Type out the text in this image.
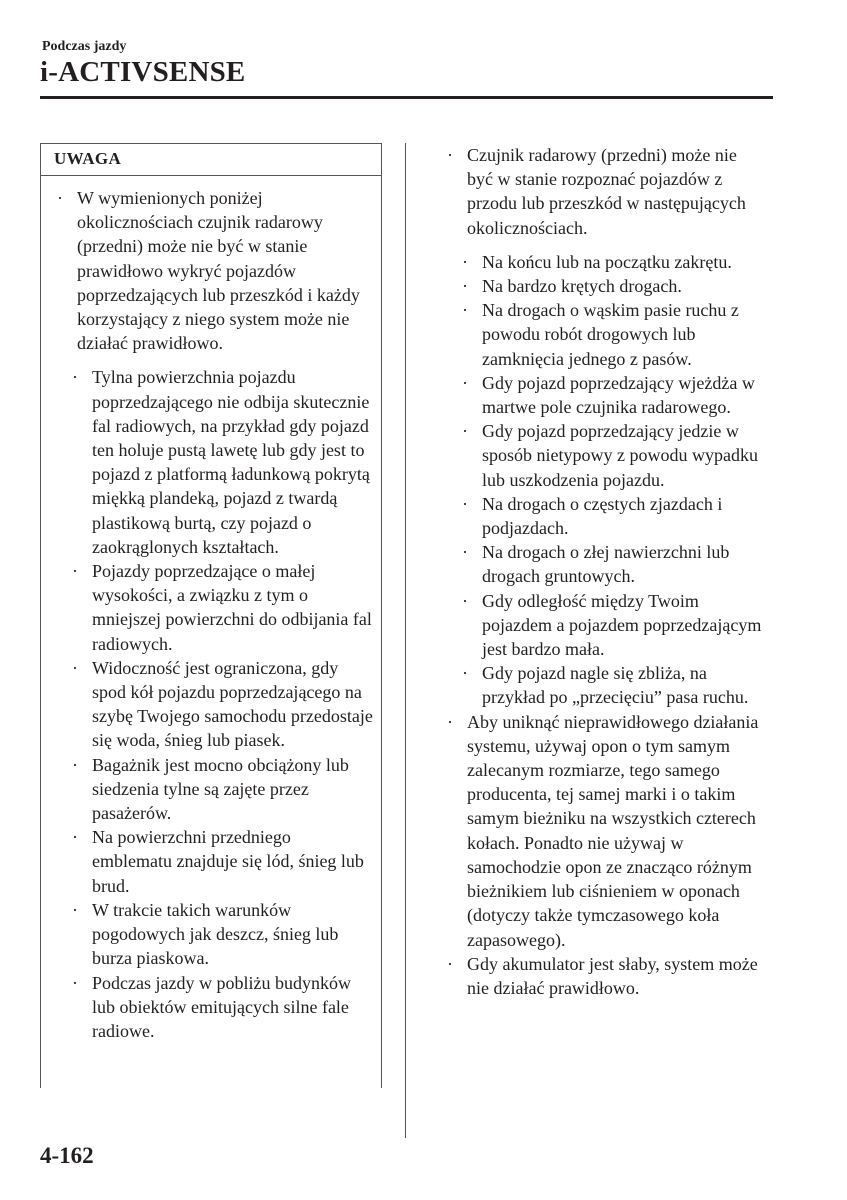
Podczas jazdy
i-ACTIVSENSE
UWAGA
· W wymienionych poniżej okolicznościach czujnik radarowy (przedni) może nie być w stanie prawidłowo wykryć pojazdów poprzedzających lub przeszkód i każdy korzystający z niego system może nie działać prawidłowo.
· Tylna powierzchnia pojazdu poprzedzającego nie odbija skutecznie fal radiowych, na przykład gdy pojazd ten holuje pustą lawetę lub gdy jest to pojazd z platformą ładunkową pokrytą miękką plandeką, pojazd z twardą plastikową burtą, czy pojazd o zaokrąglonych kształtach.
· Pojazdy poprzedzające o małej wysokości, a związku z tym o mniejszej powierzchni do odbijania fal radiowych.
· Widoczność jest ograniczona, gdy spod kół pojazdu poprzedzającego na szybę Twojego samochodu przedostaje się woda, śnieg lub piasek.
· Bagażnik jest mocno obciążony lub siedzenia tylne są zajęte przez pasażerów.
· Na powierzchni przedniego emblematu znajduje się lód, śnieg lub brud.
· W trakcie takich warunków pogodowych jak deszcz, śnieg lub burza piaskowa.
· Podczas jazdy w pobliżu budynków lub obiektów emitujących silne fale radiowe.
· Czujnik radarowy (przedni) może nie być w stanie rozpoznać pojazdów z przodu lub przeszkód w następujących okolicznościach.
· Na końcu lub na początku zakrętu.
· Na bardzo krętych drogach.
· Na drogach o wąskim pasie ruchu z powodu robót drogowych lub zamknięcia jednego z pasów.
· Gdy pojazd poprzedzający wjeżdża w martwe pole czujnika radarowego.
· Gdy pojazd poprzedzający jedzie w sposób nietypowy z powodu wypadku lub uszkodzenia pojazdu.
· Na drogach o częstych zjazdach i podjazdach.
· Na drogach o złej nawierzchni lub drogach gruntowych.
· Gdy odległość między Twoim pojazdem a pojazdem poprzedzającym jest bardzo mała.
· Gdy pojazd nagle się zbliża, na przykład po „przecięciu” pasa ruchu.
· Aby uniknąć nieprawidłowego działania systemu, używaj opon o tym samym zalecanym rozmiarze, tego samego producenta, tej samej marki i o takim samym bieżniku na wszystkich czterech kołach. Ponadto nie używaj w samochodzie opon ze znacząco różnym bieżnikiem lub ciśnieniem w oponach (dotyczy także tymczasowego koła zapasowego).
· Gdy akumulator jest słaby, system może nie działać prawidłowo.
4-162
